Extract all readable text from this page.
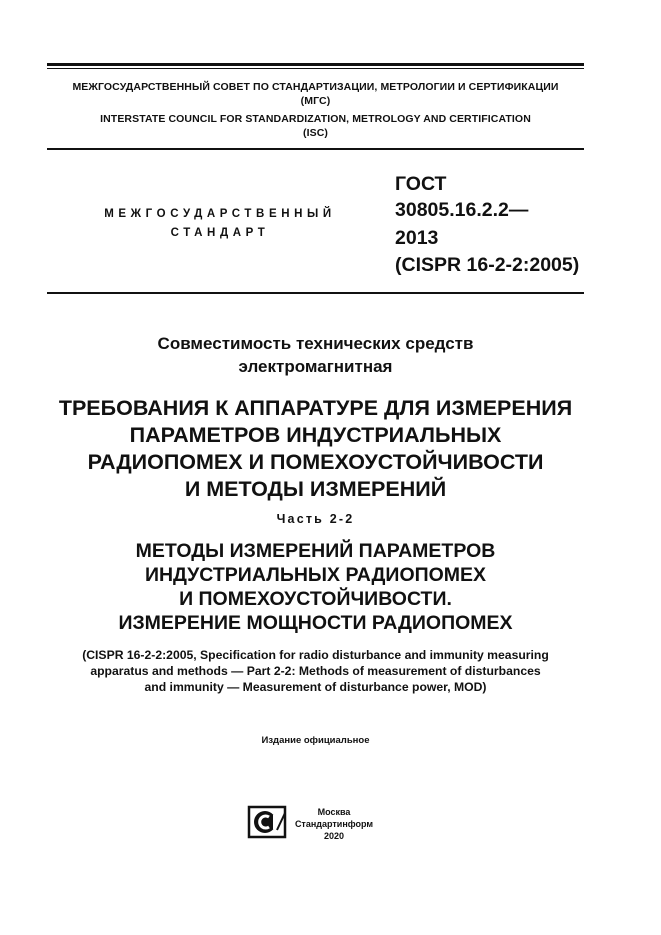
МЕЖГОСУДАРСТВЕННЫЙ СОВЕТ ПО СТАНДАРТИЗАЦИИ, МЕТРОЛОГИИ И СЕРТИФИКАЦИИ
(МГС)
INTERSTATE COUNCIL FOR STANDARDIZATION, METROLOGY AND CERTIFICATION
(ISC)
МЕЖГОСУДАРСТВЕННЫЙ
СТАНДАРТ
ГОСТ
30805.16.2.2—
2013
(CISPR 16-2-2:2005)
Совместимость технических средств
электромагнитная
ТРЕБОВАНИЯ К АППАРАТУРЕ ДЛЯ ИЗМЕРЕНИЯ
ПАРАМЕТРОВ ИНДУСТРИАЛЬНЫХ
РАДИОПОМЕХ И ПОМЕХОУСТОЙЧИВОСТИ
И МЕТОДЫ ИЗМЕРЕНИЙ
Часть 2-2
МЕТОДЫ ИЗМЕРЕНИЙ ПАРАМЕТРОВ
ИНДУСТРИАЛЬНЫХ РАДИОПОМЕХ
И ПОМЕХОУСТОЙЧИВОСТИ.
ИЗМЕРЕНИЕ МОЩНОСТИ РАДИОПОМЕХ
(CISPR 16-2-2:2005, Specification for radio disturbance and immunity measuring
apparatus and methods — Part 2-2: Methods of measurement of disturbances
and immunity — Measurement of disturbance power, MOD)
Издание официальное
Москва
Стандартинформ
2020
